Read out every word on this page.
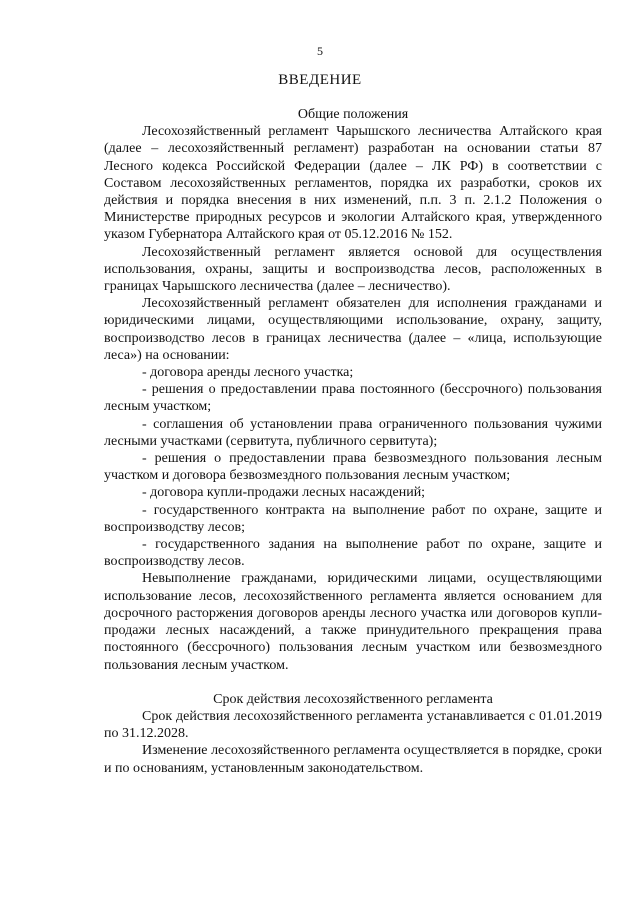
5
ВВЕДЕНИЕ

Общие положения

Лесохозяйственный регламент Чарышского лесничества Алтайского края (далее – лесохозяйственный регламент) разработан на основании статьи 87 Лесного кодекса Российской Федерации (далее – ЛК РФ) в соответствии с Составом лесохозяйственных регламентов, порядка их разработки, сроков их действия и порядка внесения в них изменений, п.п. 3 п. 2.1.2 Положения о Министерстве природных ресурсов и экологии Алтайского края, утвержденного указом Губернатора Алтайского края от 05.12.2016 № 152.

Лесохозяйственный регламент является основой для осуществления использования, охраны, защиты и воспроизводства лесов, расположенных в границах Чарышского лесничества (далее – лесничество).

Лесохозяйственный регламент обязателен для исполнения гражданами и юридическими лицами, осуществляющими использование, охрану, защиту, воспроизводство лесов в границах лесничества (далее – «лица, использующие леса») на основании:

- договора аренды лесного участка;

- решения о предоставлении права постоянного (бессрочного) пользования лесным участком;

- соглашения об установлении права ограниченного пользования чужими лесными участками (сервитута, публичного сервитута);

- решения о предоставлении права безвозмездного пользования лесным участком и договора безвозмездного пользования лесным участком;

- договора купли-продажи лесных насаждений;

- государственного контракта на выполнение работ по охране, защите и воспроизводству лесов;

- государственного задания на выполнение работ по охране, защите и воспроизводству лесов.

Невыполнение гражданами, юридическими лицами, осуществляющими использование лесов, лесохозяйственного регламента является основанием для досрочного расторжения договоров аренды лесного участка или договоров купли-продажи лесных насаждений, а также принудительного прекращения права постоянного (бессрочного) пользования лесным участком или безвозмездного пользования лесным участком.

Срок действия лесохозяйственного регламента

Срок действия лесохозяйственного регламента устанавливается с 01.01.2019 по 31.12.2028.

Изменение лесохозяйственного регламента осуществляется в порядке, сроки и по основаниям, установленным законодательством.
